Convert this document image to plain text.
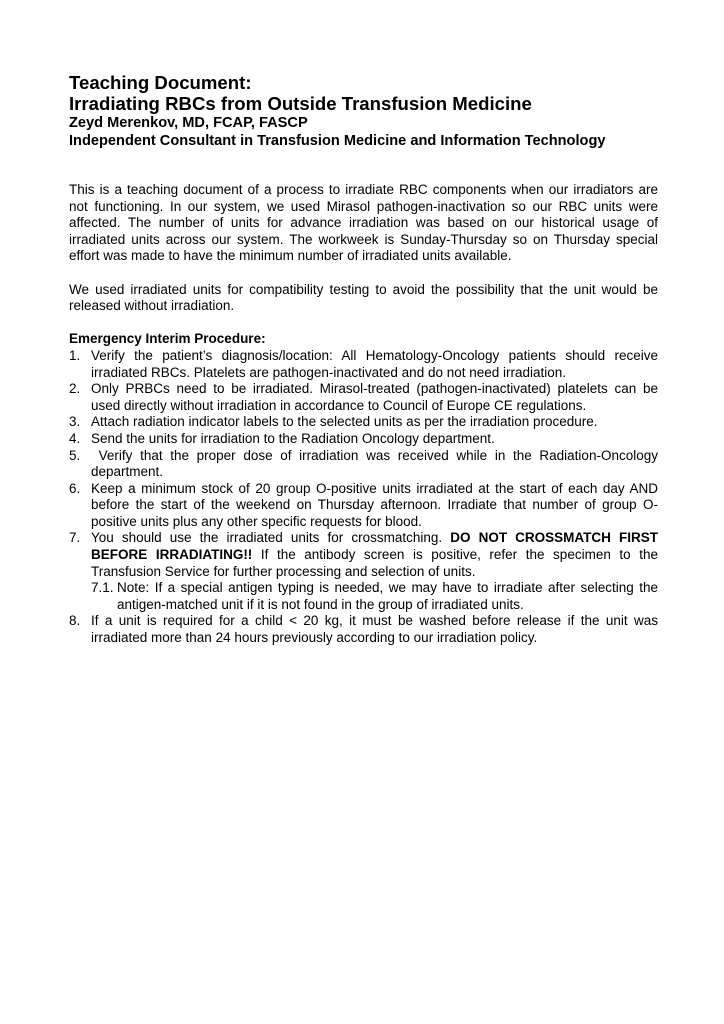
Teaching Document:

Irradiating RBCs from Outside Transfusion Medicine

Zeyd Merenkov, MD, FCAP, FASCP

Independent Consultant in Transfusion Medicine and Information Technology

This is a teaching document of a process to irradiate RBC components when our irradiators are not functioning. In our system, we used Mirasol pathogen-inactivation so our RBC units were affected. The number of units for advance irradiation was based on our historical usage of irradiated units across our system. The workweek is Sunday-Thursday so on Thursday special effort was made to have the minimum number of irradiated units available.

We used irradiated units for compatibility testing to avoid the possibility that the unit would be released without irradiation.

Emergency Interim Procedure:

1. Verify the patient’s diagnosis/location: All Hematology-Oncology patients should receive irradiated RBCs. Platelets are pathogen-inactivated and do not need irradiation.
2. Only PRBCs need to be irradiated. Mirasol-treated (pathogen-inactivated) platelets can be used directly without irradiation in accordance to Council of Europe CE regulations.
3. Attach radiation indicator labels to the selected units as per the irradiation procedure.
4. Send the units for irradiation to the Radiation Oncology department.
5. Verify that the proper dose of irradiation was received while in the Radiation-Oncology department.
6. Keep a minimum stock of 20 group O-positive units irradiated at the start of each day AND before the start of the weekend on Thursday afternoon. Irradiate that number of group O-positive units plus any other specific requests for blood.
7. You should use the irradiated units for crossmatching. DO NOT CROSSMATCH FIRST BEFORE IRRADIATING!! If the antibody screen is positive, refer the specimen to the Transfusion Service for further processing and selection of units.
7.1. Note: If a special antigen typing is needed, we may have to irradiate after selecting the antigen-matched unit if it is not found in the group of irradiated units.
8. If a unit is required for a child < 20 kg, it must be washed before release if the unit was irradiated more than 24 hours previously according to our irradiation policy.
